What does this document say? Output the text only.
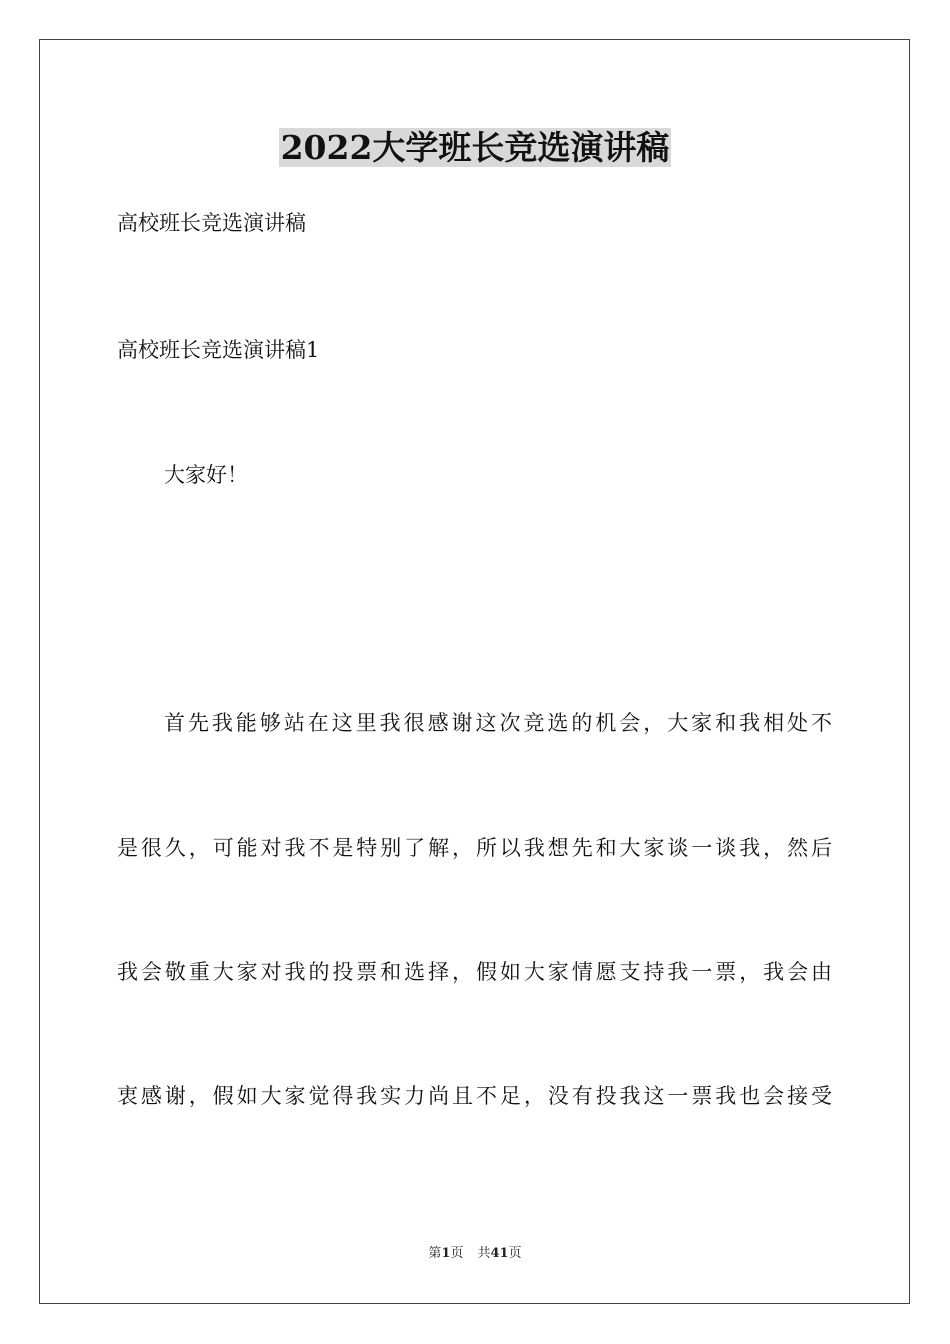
2022大学班长竞选演讲稿
高校班长竞选演讲稿
高校班长竞选演讲稿1
大家好！
首先我能够站在这里我很感谢这次竞选的机会，大家和我相处不
是很久，可能对我不是特别了解，所以我想先和大家谈一谈我，然后
我会敬重大家对我的投票和选择，假如大家情愿支持我一票，我会由
衷感谢，假如大家觉得我实力尚且不足，没有投我这一票我也会接受
第1页 共41页
